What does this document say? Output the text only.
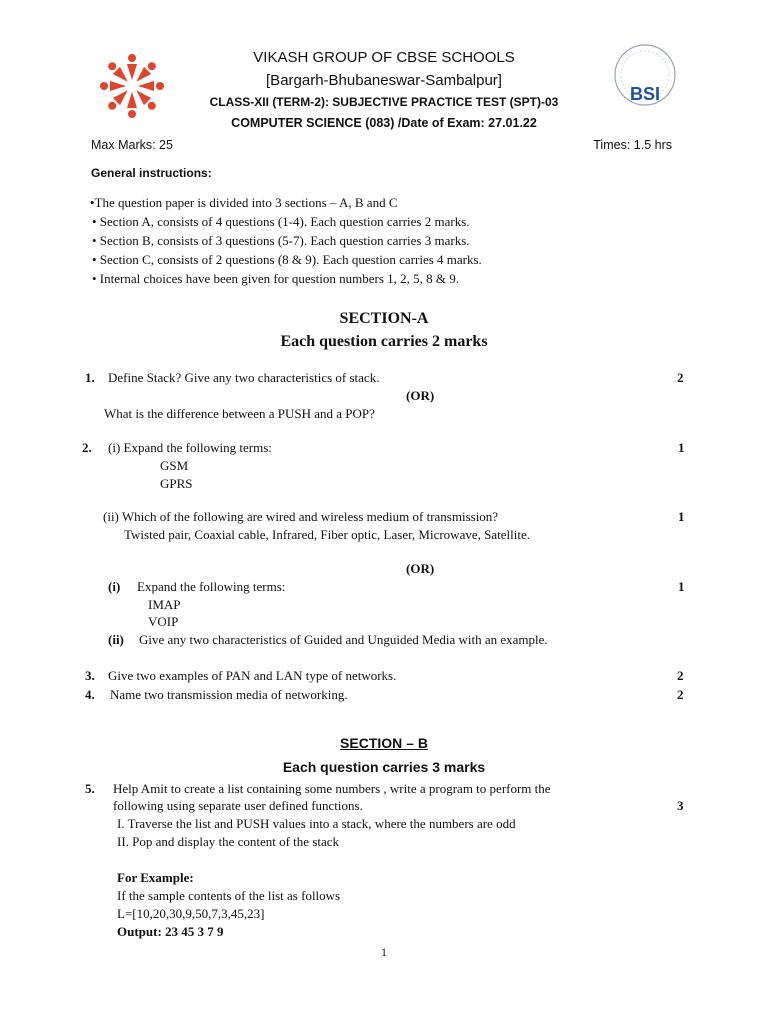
BSI
VIKASH GROUP OF CBSE SCHOOLS
[Bargarh-Bhubaneswar-Sambalpur]
CLASS-XII (TERM-2): SUBJECTIVE PRACTICE TEST (SPT)-03
COMPUTER SCIENCE (083) /Date of Exam: 27.01.22
Max Marks: 25	Times: 1.5 hrs
General instructions:
•The question paper is divided into 3 sections – A, B and C
• Section A, consists of 4 questions (1-4). Each question carries 2 marks.
• Section B, consists of 3 questions (5-7). Each question carries 3 marks.
• Section C, consists of 2 questions (8 & 9). Each question carries 4 marks.
• Internal choices have been given for question numbers 1, 2, 5, 8 & 9.
SECTION-A
Each question carries 2 marks
1. Define Stack? Give any two characteristics of stack.	2
(OR)
What is the difference between a PUSH and a POP?
2. (i) Expand the following terms:	1
GSM
GPRS
(ii) Which of the following are wired and wireless medium of transmission?	1
Twisted pair, Coaxial cable, Infrared, Fiber optic, Laser, Microwave, Satellite.
(OR)
(i) Expand the following terms:	1
IMAP
VOIP
(ii) Give any two characteristics of Guided and Unguided Media with an example.
3. Give two examples of PAN and LAN type of networks.	2
4. Name two transmission media of networking.	2
SECTION – B
Each question carries 3 marks
5. Help Amit to create a list containing some numbers , write a program to perform the
following using separate user defined functions.	3
I. Traverse the list and PUSH values into a stack, where the numbers are odd
II. Pop and display the content of the stack
For Example:
If the sample contents of the list as follows
L=[10,20,30,9,50,7,3,45,23]
Output: 23 45 3 7 9
1
